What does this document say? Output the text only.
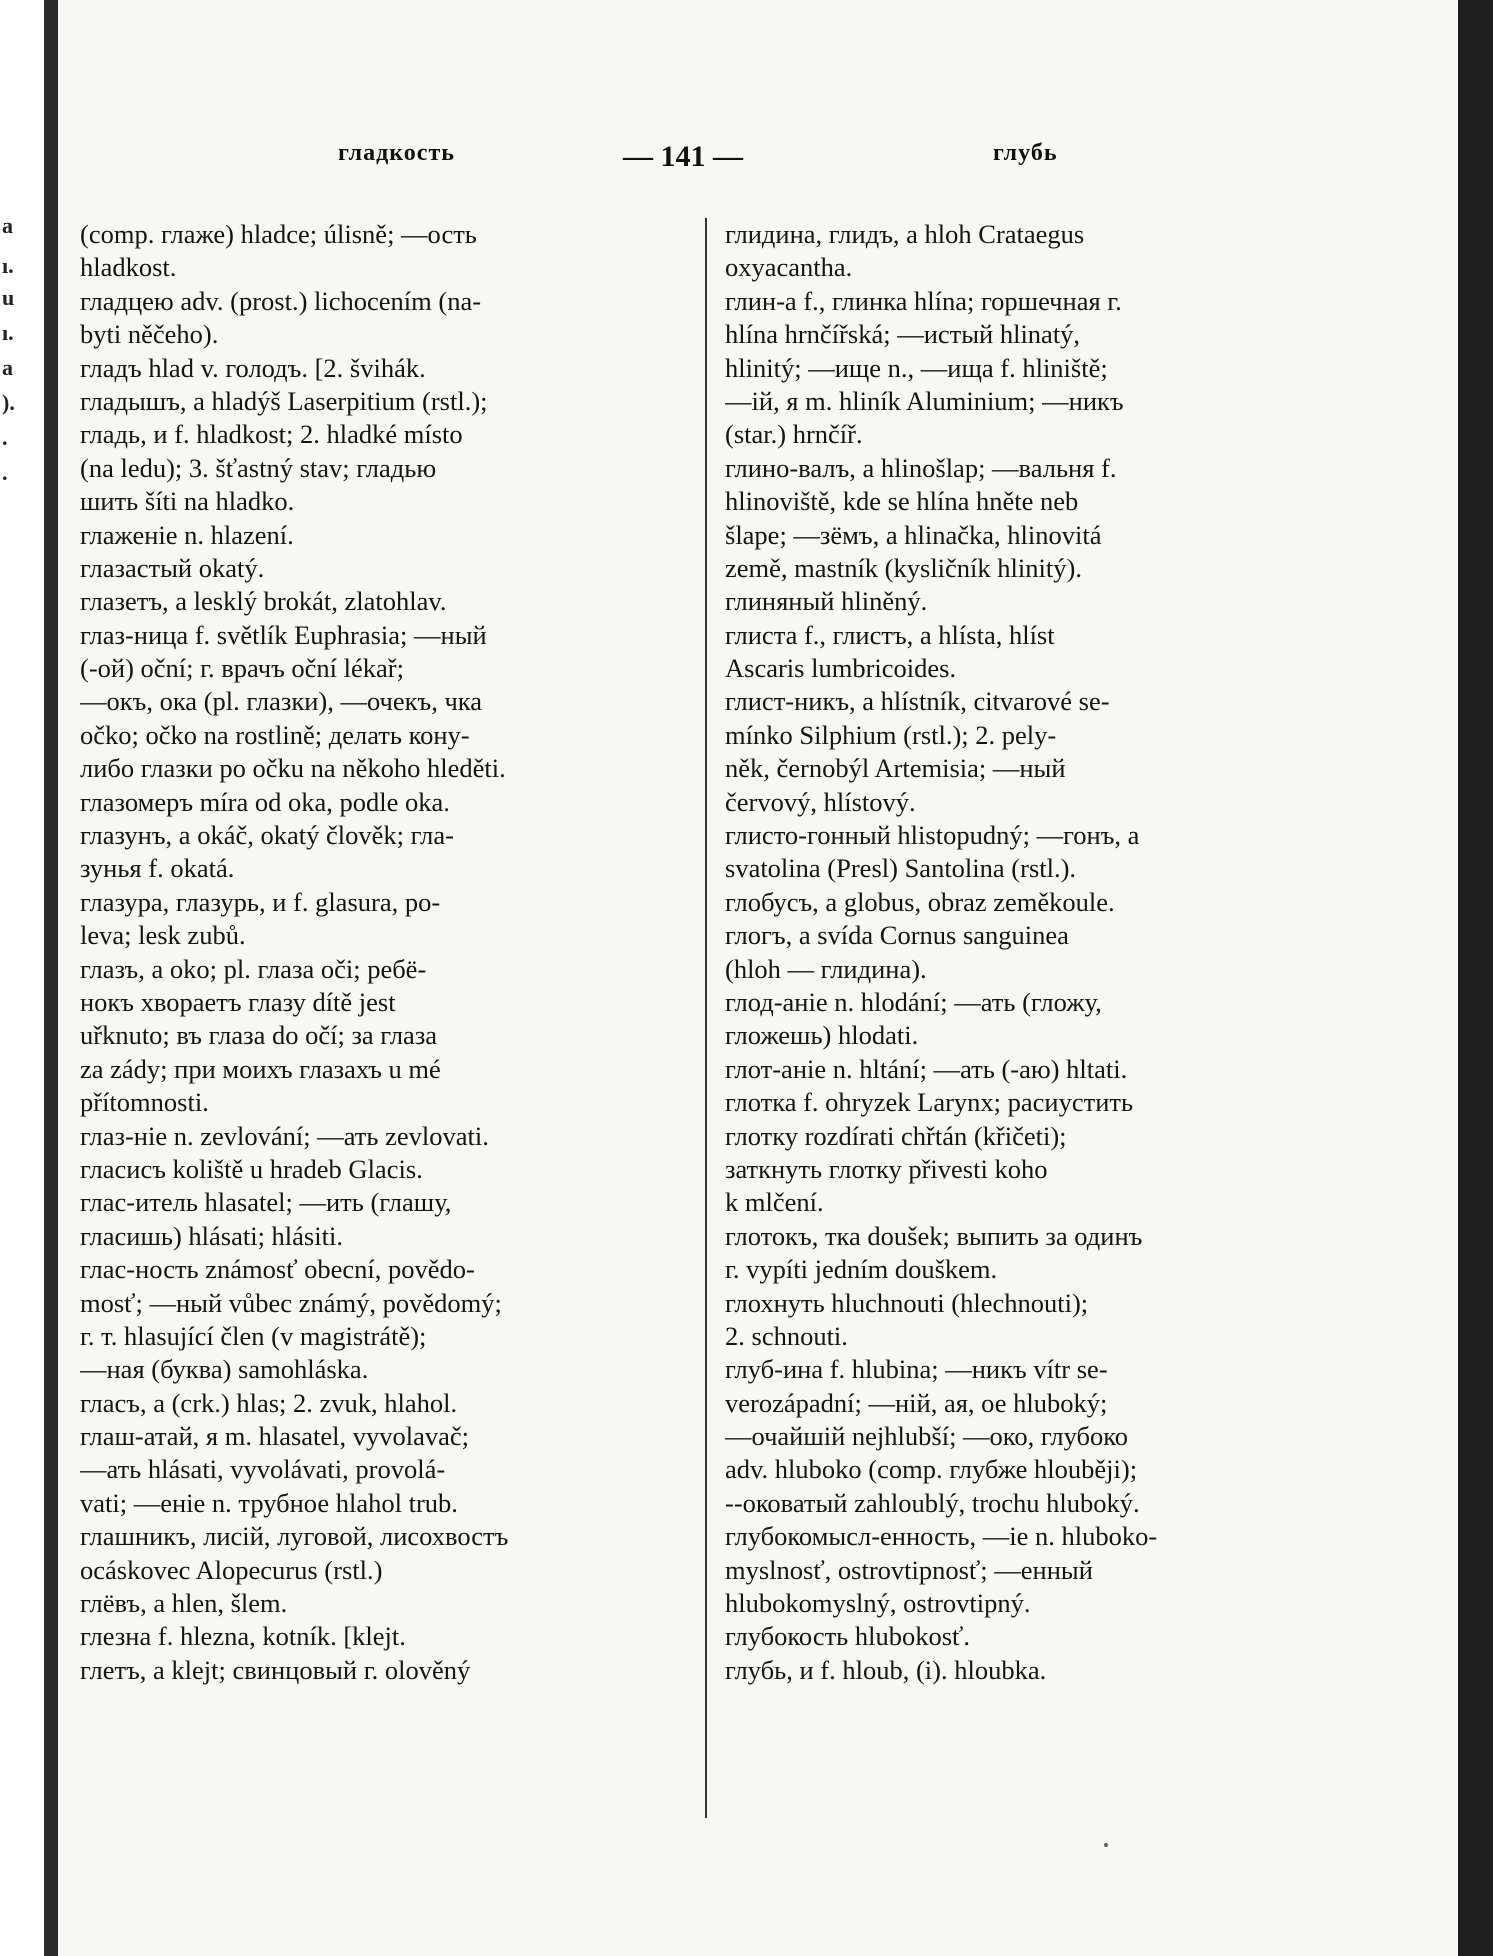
a
ı.
u
ı.
a
).
.
.
гладкость	— 141 —	глубь
(comp. глаже) hladce; úlisně; —ость
hladkost.
гладцею adv. (prost.) lichocením (na-
byti něčeho).
гладъ hlad v. голодъ. [2. švihák.
гладышъ, a hladýš Laserpitium (rstl.);
гладь, и f. hladkost; 2. hladké místo
(na ledu); 3. šťastný stav; гладью
шить šíti na hladko.
глаженіе n. hlazení.
глазастый okatý.
глазетъ, a lesklý brokát, zlatohlav.
глаз-ница f. světlík Euphrasia; —ный
(-ой) oční; г. врачъ oční lékař;
—окъ, ока (pl. глазки), —очекъ, чка
očko; očko na rostlině; делать кону-
либо глазки po očku na někoho hleděti.
глазомеръ míra od oka, podle oka.
глазунъ, a okáč, okatý člověk; гла-
зунья f. okatá.
глазура, глазурь, и f. glasura, po-
leva; lesk zubů.
глазъ, a oko; pl. глаза oči; ребё-
нокъ хвораетъ глазу dítě jest
uřknuto; въ глаза do očí; за глаза
za zády; при моихъ глазахъ u mé
přítomnosti.
глаз-ніе n. zevlování; —ать zevlovati.
гласисъ koliště u hradeb Glacis.
глас-итель hlasatel; —ить (глашу,
гласишь) hlásati; hlásiti.
глас-ность známosť obecní, povědo-
mosť; —ный vůbec známý, povědomý;
г. т. hlasující člen (v magistrátě);
—ная (буква) samohláska.
гласъ, a (crk.) hlas; 2. zvuk, hlahol.
глаш-атай, я m. hlasatel, vyvolavač;
—ать hlásati, vyvolávati, provolá-
vati; —еніе n. трубное hlahol trub.
глашникъ, лисій, луговой, лисохвостъ
ocáskovec Alopecurus (rstl.)
глёвъ, a hlen, šlem.
глезна f. hlezna, kotník. [klejt.
глетъ, a klejt; свинцовый г. olověný
глидина, глидъ, a hloh Crataegus
oxyacantha.
глин-а f., глинка hlína; горшечная г.
hlína hrnčířská; —истый hlinatý,
hlinitý; —ище n., —ища f. hliniště;
—ій, я m. hliník Aluminium; —никъ
(star.) hrnčíř.
глино-валъ, a hlinošlap; —вальня f.
hlinoviště, kde se hlína hněte neb
šlape; —зёмъ, a hlinačka, hlinovitá
země, mastník (kysličník hlinitý).
глиняный hliněný.
глиста f., глистъ, a hlísta, hlíst
Ascaris lumbricoides.
глист-никъ, a hlístník, citvarové se-
mínko Silphium (rstl.); 2. pely-
něk, černobýl Artemisia; —ный
červový, hlístový.
глисто-гонный hlistopudný; —гонъ, a
svatolina (Presl) Santolina (rstl.).
глобусъ, a globus, obraz zeměkoule.
глогъ, a svída Cornus sanguinea
(hloh — глидина).
глод-аніе n. hlodání; —ать (гложу,
гложешь) hlodati.
глот-аніе n. hltání; —ать (-аю) hltati.
глотка f. ohryzek Larynx; расиустить
глотку rozdírati chřtán (křičeti);
заткнуть глотку přivesti koho
k mlčení.
глотокъ, тка doušek; выпить за одинъ
г. vypíti jedním douškem.
глохнуть hluchnouti (hlechnouti);
2. schnouti.
глуб-ина f. hlubina; —никъ vítr se-
verozápadní; —ній, ая, ое hluboký;
—очайшій nejhlubší; —око, глубоко
adv. hluboko (comp. глубже hlouběji);
--оковатый zahloublý, trochu hluboký.
глубокомысл-енность, —іе n. hluboko-
myslnosť, ostrovtipnosť; —енный
hlubokomyslný, ostrovtipný.
глубокость hlubokosť.
глубь, и f. hloub, (i). hloubka.
